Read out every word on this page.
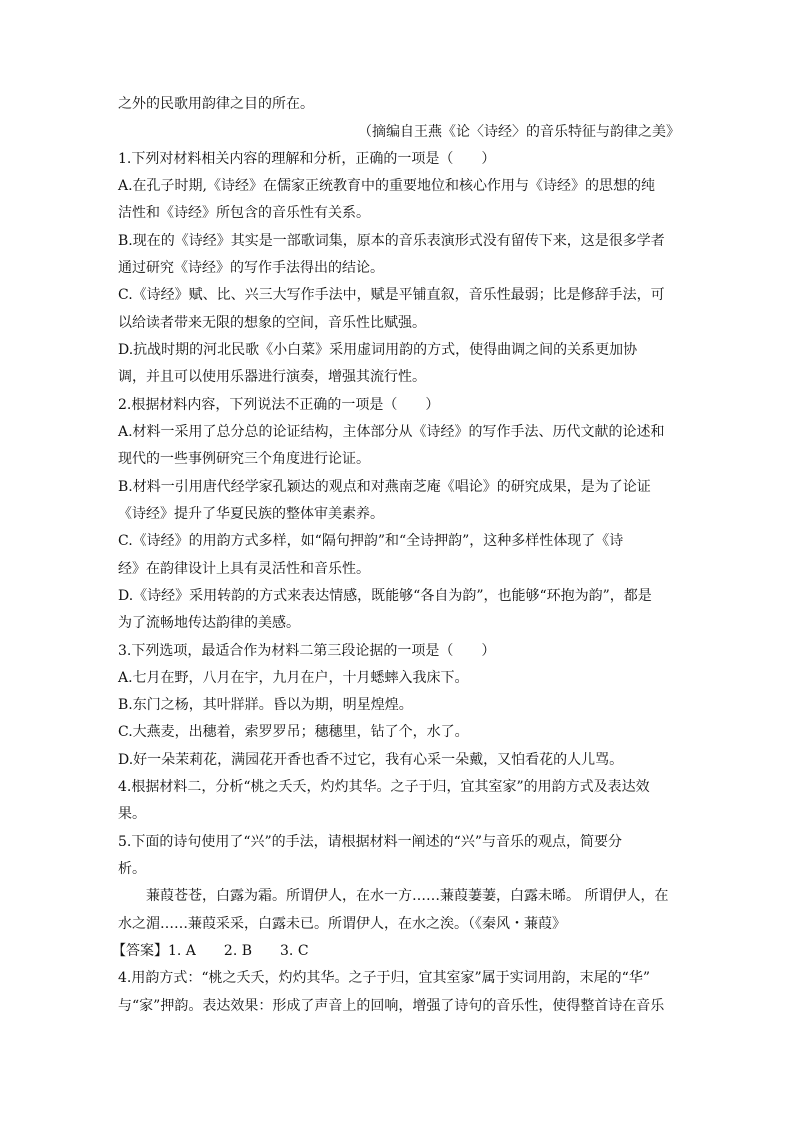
之外的民歌用韵律之目的所在。
（摘编自王燕《论〈诗经〉的音乐特征与韵律之美》
1.下列对材料相关内容的理解和分析，正确的一项是（　　）
A.在孔子时期,《诗经》在儒家正统教育中的重要地位和核心作用与《诗经》的思想的纯
洁性和《诗经》所包含的音乐性有关系。
B.现在的《诗经》其实是一部歌词集，原本的音乐表演形式没有留传下来，这是很多学者
通过研究《诗经》的写作手法得出的结论。
C.《诗经》赋、比、兴三大写作手法中，赋是平铺直叙，音乐性最弱；比是修辞手法，可
以给读者带来无限的想象的空间，音乐性比赋强。
D.抗战时期的河北民歌《小白菜》采用虚词用韵的方式，使得曲调之间的关系更加协
调，并且可以使用乐器进行演奏，增强其流行性。
2.根据材料内容，下列说法不正确的一项是（　　）
A.材料一采用了总分总的论证结构，主体部分从《诗经》的写作手法、历代文献的论述和
现代的一些事例研究三个角度进行论证。
B.材料一引用唐代经学家孔颖达的观点和对燕南芝庵《唱论》的研究成果，是为了论证
《诗经》提升了华夏民族的整体审美素养。
C.《诗经》的用韵方式多样，如“隔句押韵”和“全诗押韵”，这种多样性体现了《诗
经》在韵律设计上具有灵活性和音乐性。
D.《诗经》采用转韵的方式来表达情感，既能够“各自为韵”，也能够“环抱为韵”，都是
为了流畅地传达韵律的美感。
3.下列选项，最适合作为材料二第三段论据的一项是（　　）
A.七月在野，八月在宇，九月在户，十月蟋蟀入我床下。
B.东门之杨，其叶牂牂。昏以为期，明星煌煌。
C.大燕麦，出穗着，索罗罗吊；穗穗里，钻了个，水了。
D.好一朵茉莉花，满园花开香也香不过它，我有心采一朵戴，又怕看花的人儿骂。
4.根据材料二，分析“桃之夭夭，灼灼其华。之子于归，宜其室家”的用韵方式及表达效
果。
5.下面的诗句使用了“兴”的手法，请根据材料一阐述的“兴”与音乐的观点，简要分
析。
蒹葭苍苍，白露为霜。所谓伊人，在水一方……蒹葭萋萋，白露未晞。 所谓伊人，在
水之湄……蒹葭采采，白露未已。所谓伊人，在水之涘。（《秦风・蒹葭》
【答案】1. A　　2. B　　3. C
4.用韵方式：“桃之夭夭，灼灼其华。之子于归，宜其室家”属于实词用韵，末尾的“华”
与“家”押韵。表达效果：形成了声音上的回响，增强了诗句的音乐性，使得整首诗在音乐
